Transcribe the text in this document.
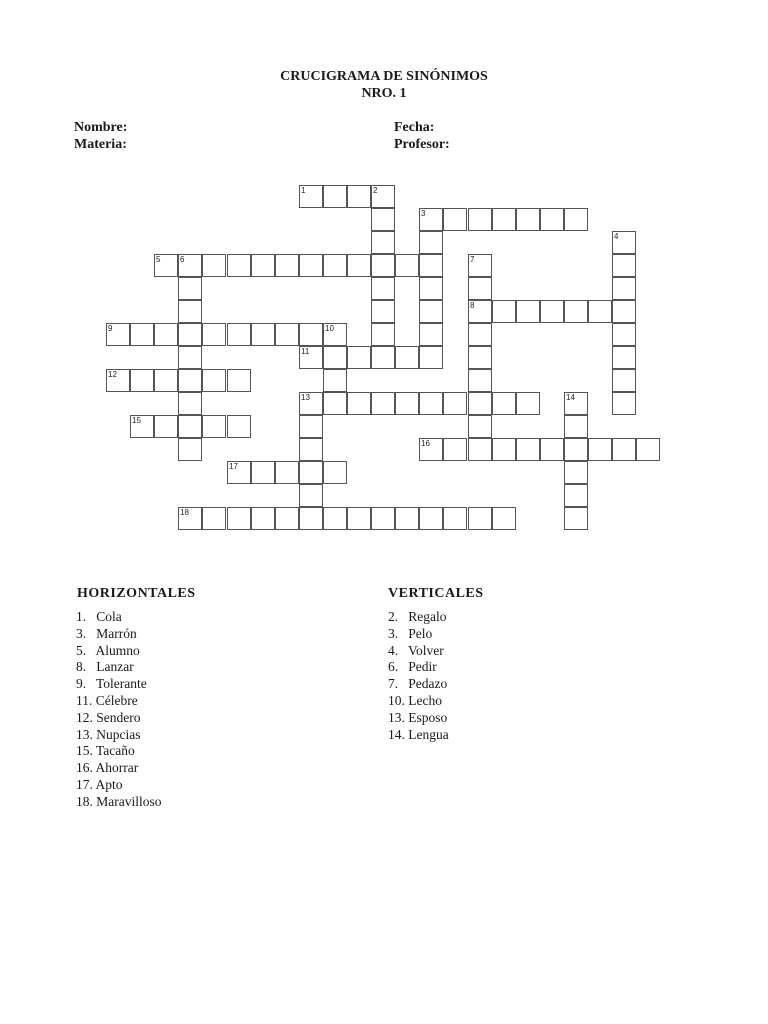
CRUCIGRAMA DE SINÓNIMOS
NRO. 1
Nombre:	Fecha:
Materia:	Profesor:
1	2
3
5 6
8
9
11
12
13
15
16
17
18
4
7
10
14
HORIZONTALES
1.   Cola
3.   Marrón
5.   Alumno
8.   Lanzar
9.   Tolerante
11. Célebre
12. Sendero
13. Nupcias
15. Tacaño
16. Ahorrar
17. Apto
18. Maravilloso
VERTICALES
2.   Regalo
3.   Pelo
4.   Volver
6.   Pedir
7.   Pedazo
10. Lecho
13. Esposo
14. Lengua
